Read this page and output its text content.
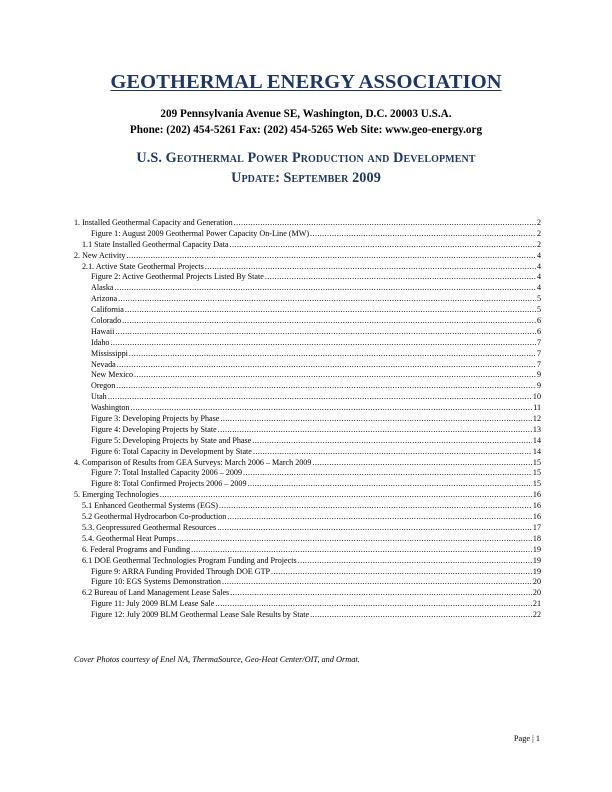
GEOTHERMAL ENERGY ASSOCIATION
209 Pennsylvania Avenue SE, Washington, D.C. 20003 U.S.A.
Phone: (202) 454-5261 Fax: (202) 454-5265 Web Site: www.geo-energy.org
U.S. Geothermal Power Production and Development
Update: September 2009
1. Installed Geothermal Capacity and Generation .....	2
Figure 1: August 2009 Geothermal Power Capacity On-Line (MW) .....	2
1.1 State Installed Geothermal Capacity Data .....	2
2. New Activity .....	4
2.1. Active State Geothermal Projects .....	4
Figure 2: Active Geothermal Projects Listed By State .....	4
Alaska .....	4
Arizona .....	5
California .....	5
Colorado .....	6
Hawaii .....	6
Idaho .....	7
Mississippi .....	7
Nevada .....	7
New Mexico .....	9
Oregon .....	9
Utah .....	10
Washington .....	11
Figure 3: Developing Projects by Phase .....	12
Figure 4: Developing Projects by State .....	13
Figure 5: Developing Projects by State and Phase .....	14
Figure 6: Total Capacity in Development by State .....	14
4. Comparison of Results from GEA Surveys: March 2006 – March 2009 .....	15
Figure 7: Total Installed Capacity 2006 – 2009 .....	15
Figure 8: Total Confirmed Projects 2006 – 2009 .....	15
5. Emerging Technologies .....	16
5.1 Enhanced Geothermal Systems (EGS) .....	16
5.2 Geothermal Hydrocarbon Co-production .....	16
5.3. Geopressured Geothermal Resources .....	17
5.4. Geothermal Heat Pumps .....	18
6. Federal Programs and Funding .....	19
6.1 DOE Geothermal Technologies Program Funding and Projects .....	19
Figure 9: ARRA Funding Provided Through DOE GTP .....	19
Figure 10: EGS Systems Demonstration .....	20
6.2 Bureau of Land Management Lease Sales .....	20
Figure 11: July 2009 BLM Lease Sale .....	21
Figure 12: July 2009 BLM Geothermal Lease Sale Results by State .....	22
Cover Photos courtesy of Enel NA, ThermaSource, Geo-Heat Center/OIT, and Ormat.
Page | 1
